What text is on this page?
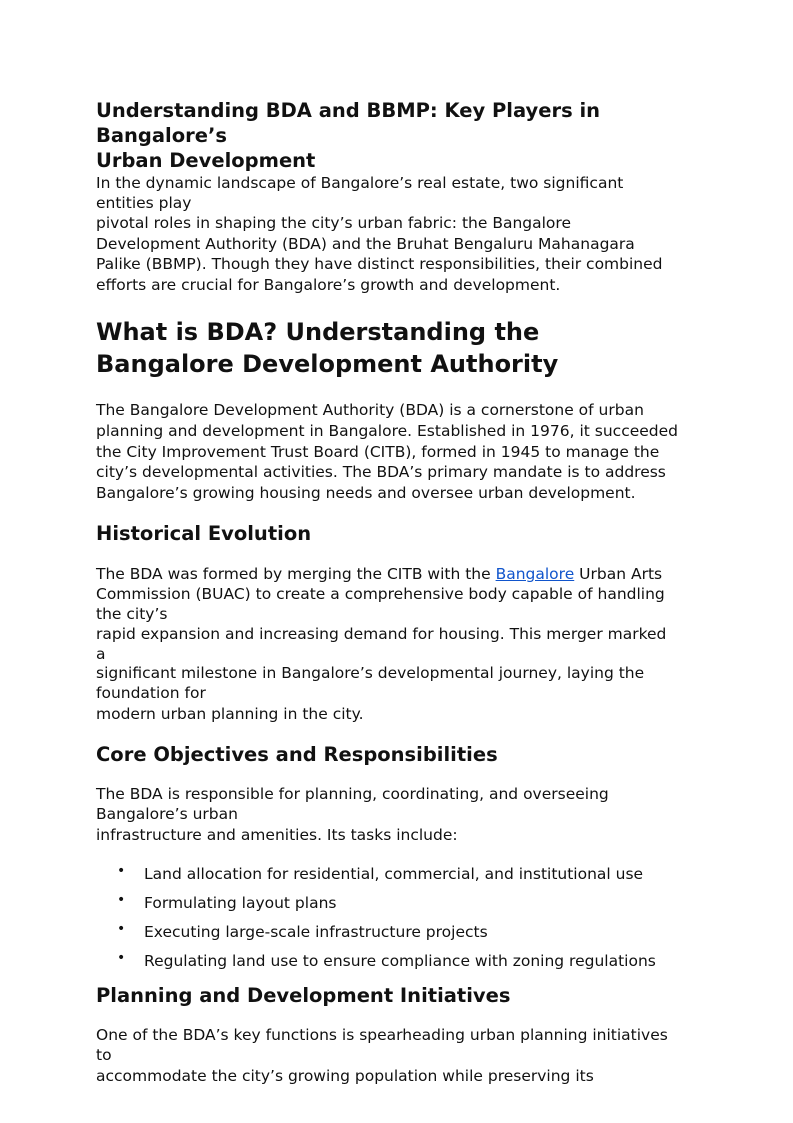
Understanding BDA and BBMP: Key Players in
Bangalore’s
Urban Development

In the dynamic landscape of Bangalore’s real estate, two significant
entities play
pivotal roles in shaping the city’s urban fabric: the Bangalore
Development Authority (BDA) and the Bruhat Bengaluru Mahanagara
Palike (BBMP). Though they have distinct responsibilities, their combined
efforts are crucial for Bangalore’s growth and development.

What is BDA? Understanding the
Bangalore Development Authority

The Bangalore Development Authority (BDA) is a cornerstone of urban
planning and development in Bangalore. Established in 1976, it succeeded
the City Improvement Trust Board (CITB), formed in 1945 to manage the
city’s developmental activities. The BDA’s primary mandate is to address
Bangalore’s growing housing needs and oversee urban development.

Historical Evolution

The BDA was formed by merging the CITB with the Bangalore Urban Arts
Commission (BUAC) to create a comprehensive body capable of handling
the city’s
rapid expansion and increasing demand for housing. This merger marked
a
significant milestone in Bangalore’s developmental journey, laying the
foundation for
modern urban planning in the city.

Core Objectives and Responsibilities

The BDA is responsible for planning, coordinating, and overseeing
Bangalore’s urban
infrastructure and amenities. Its tasks include:

• Land allocation for residential, commercial, and institutional use
• Formulating layout plans
• Executing large-scale infrastructure projects
• Regulating land use to ensure compliance with zoning regulations
Planning and Development Initiatives

One of the BDA’s key functions is spearheading urban planning initiatives
to
accommodate the city’s growing population while preserving its
